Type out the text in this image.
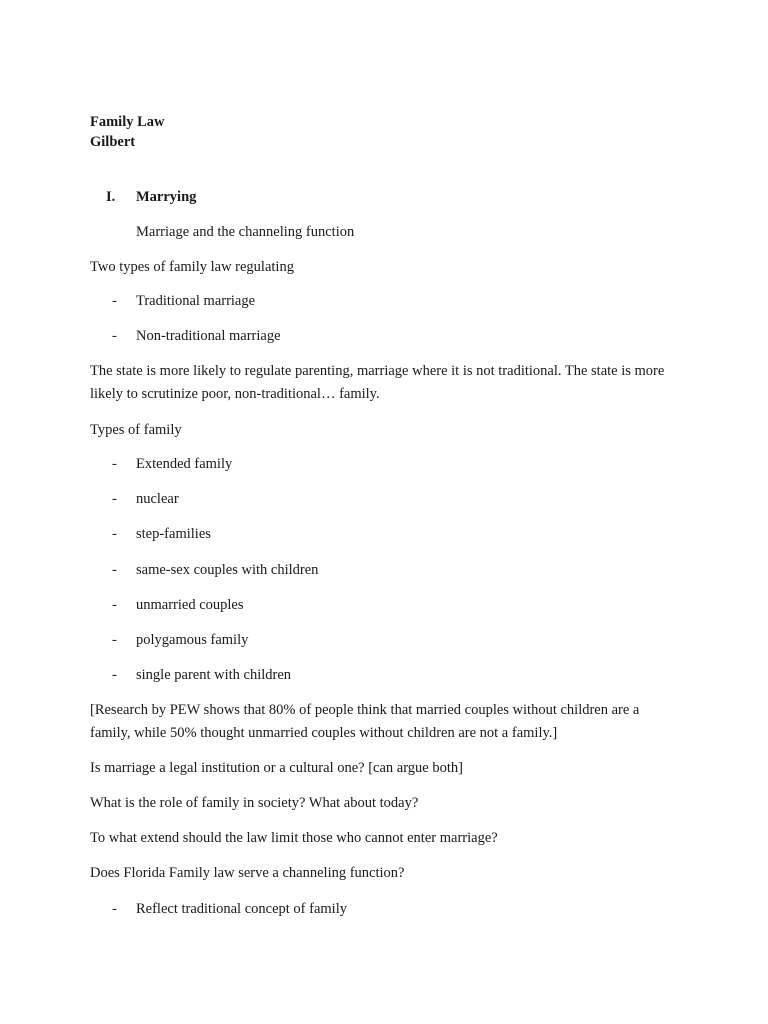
Family Law
Gilbert
I. Marrying
Marriage and the channeling function
Two types of family law regulating
- Traditional marriage
- Non-traditional marriage
The state is more likely to regulate parenting, marriage where it is not traditional. The state is more likely to scrutinize poor, non-traditional… family.
Types of family
- Extended family
- nuclear
- step-families
- same-sex couples with children
- unmarried couples
- polygamous family
- single parent with children
[Research by PEW shows that 80% of people think that married couples without children are a family, while 50% thought unmarried couples without children are not a family.]
Is marriage a legal institution or a cultural one? [can argue both]
What is the role of family in society? What about today?
To what extend should the law limit those who cannot enter marriage?
Does Florida Family law serve a channeling function?
- Reflect traditional concept of family
